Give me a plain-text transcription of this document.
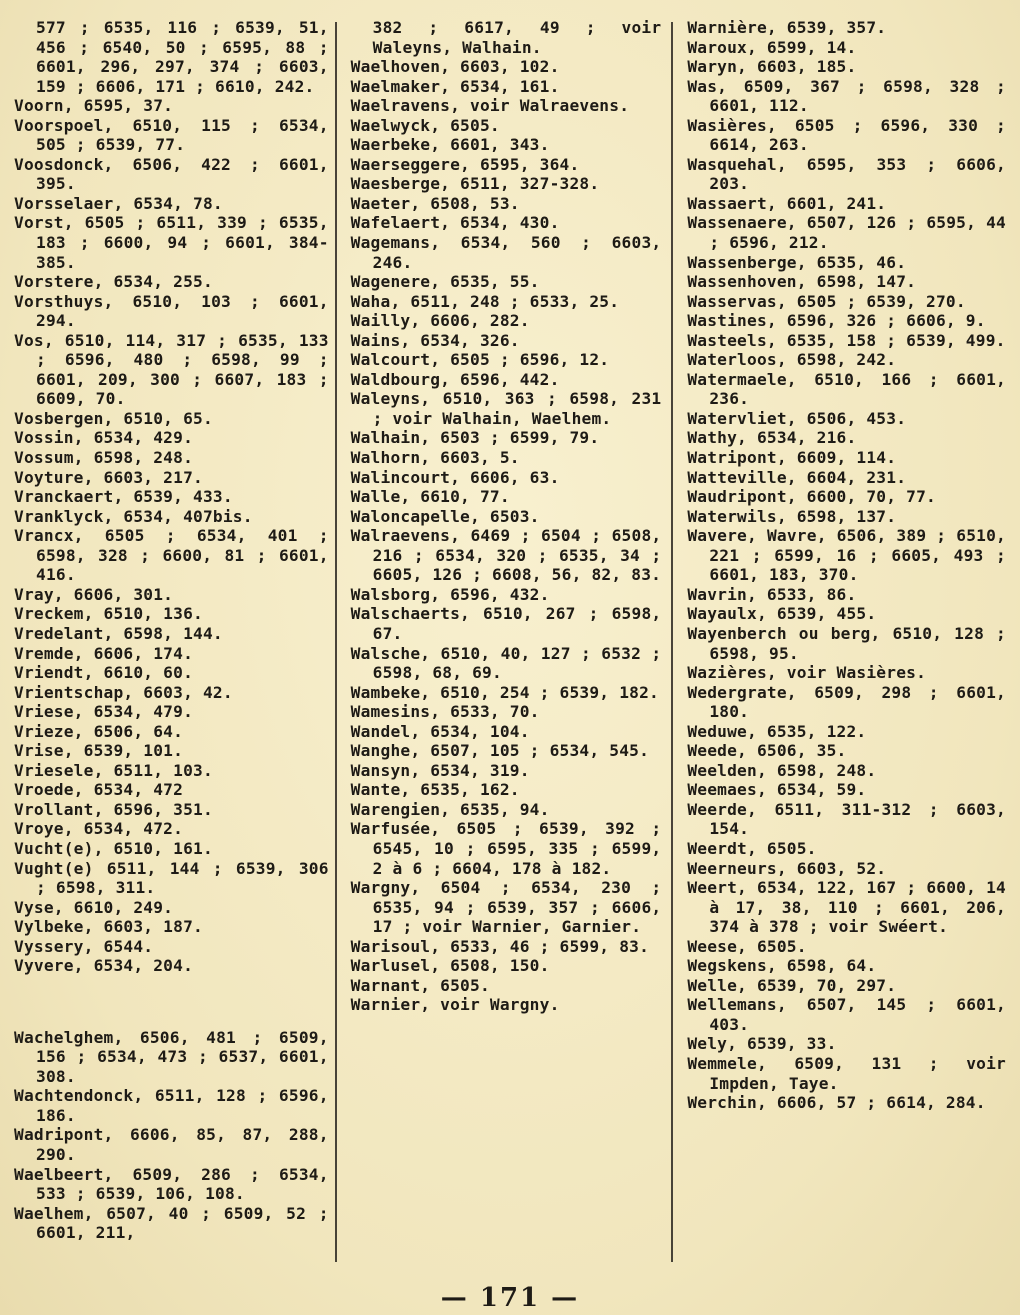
577 ; 6535, 116 ; 6539, 51, 456 ; 6540, 50 ; 6595, 88 ; 6601, 296, 297, 374 ; 6603, 159 ; 6606, 171 ; 6610, 242.

Voorn, 6595, 37.

Voorspoel, 6510, 115 ; 6534, 505 ; 6539, 77.

Voosdonck, 6506, 422 ; 6601, 395.

Vorsselaer, 6534, 78.

Vorst, 6505 ; 6511, 339 ; 6535, 183 ; 6600, 94 ; 6601, 384-385.

Vorstere, 6534, 255.

Vorsthuys, 6510, 103 ; 6601, 294.

Vos, 6510, 114, 317 ; 6535, 133 ; 6596, 480 ; 6598, 99 ; 6601, 209, 300 ; 6607, 183 ; 6609, 70.

Vosbergen, 6510, 65.

Vossin, 6534, 429.

Vossum, 6598, 248.

Voyture, 6603, 217.

Vranckaert, 6539, 433.

Vranklyck, 6534, 407bis.

Vrancx, 6505 ; 6534, 401 ; 6598, 328 ; 6600, 81 ; 6601, 416.

Vray, 6606, 301.

Vreckem, 6510, 136.

Vredelant, 6598, 144.

Vremde, 6606, 174.

Vriendt, 6610, 60.

Vrientschap, 6603, 42.

Vriese, 6534, 479.

Vrieze, 6506, 64.

Vrise, 6539, 101.

Vriesele, 6511, 103.

Vroede, 6534, 472

Vrollant, 6596, 351.

Vroye, 6534, 472.

Vucht(e), 6510, 161.

Vught(e) 6511, 144 ; 6539, 306 ; 6598, 311.

Vyse, 6610, 249.

Vylbeke, 6603, 187.

Vyssery, 6544.

Vyvere, 6534, 204.

Wachelghem, 6506, 481 ; 6509, 156 ; 6534, 473 ; 6537, 6601, 308.

Wachtendonck, 6511, 128 ; 6596, 186.

Wadripont, 6606, 85, 87, 288, 290.

Waelbeert, 6509, 286 ; 6534, 533 ; 6539, 106, 108.

Waelhem, 6507, 40 ; 6509, 52 ; 6601, 211,

382 ; 6617, 49 ; voir Waleyns, Walhain.

Waelhoven, 6603, 102.

Waelmaker, 6534, 161.

Waelravens, voir Walraevens.

Waelwyck, 6505.

Waerbeke, 6601, 343.

Waerseggere, 6595, 364.

Waesberge, 6511, 327-328.

Waeter, 6508, 53.

Wafelaert, 6534, 430.

Wagemans, 6534, 560 ; 6603, 246.

Wagenere, 6535, 55.

Waha, 6511, 248 ; 6533, 25.

Wailly, 6606, 282.

Wains, 6534, 326.

Walcourt, 6505 ; 6596, 12.

Waldbourg, 6596, 442.

Waleyns, 6510, 363 ; 6598, 231 ; voir Walhain, Waelhem.

Walhain, 6503 ; 6599, 79.

Walhorn, 6603, 5.

Walincourt, 6606, 63.

Walle, 6610, 77.

Waloncapelle, 6503.

Walraevens, 6469 ; 6504 ; 6508, 216 ; 6534, 320 ; 6535, 34 ; 6605, 126 ; 6608, 56, 82, 83.

Walsborg, 6596, 432.

Walschaerts, 6510, 267 ; 6598, 67.

Walsche, 6510, 40, 127 ; 6532 ; 6598, 68, 69.

Wambeke, 6510, 254 ; 6539, 182.

Wamesins, 6533, 70.

Wandel, 6534, 104.

Wanghe, 6507, 105 ; 6534, 545.

Wansyn, 6534, 319.

Wante, 6535, 162.

Warengien, 6535, 94.

Warfusée, 6505 ; 6539, 392 ; 6545, 10 ; 6595, 335 ; 6599, 2 à 6 ; 6604, 178 à 182.

Wargny, 6504 ; 6534, 230 ; 6535, 94 ; 6539, 357 ; 6606, 17 ; voir Warnier, Garnier.

Warisoul, 6533, 46 ; 6599, 83.

Warlusel, 6508, 150.

Warnant, 6505.

Warnier, voir Wargny.

Warnière, 6539, 357.

Waroux, 6599, 14.

Waryn, 6603, 185.

Was, 6509, 367 ; 6598, 328 ; 6601, 112.

Wasières, 6505 ; 6596, 330 ; 6614, 263.

Wasquehal, 6595, 353 ; 6606, 203.

Wassaert, 6601, 241.

Wassenaere, 6507, 126 ; 6595, 44 ; 6596, 212.

Wassenberge, 6535, 46.

Wassenhoven, 6598, 147.

Wasservas, 6505 ; 6539, 270.

Wastines, 6596, 326 ; 6606, 9.

Wasteels, 6535, 158 ; 6539, 499.

Waterloos, 6598, 242.

Watermaele, 6510, 166 ; 6601, 236.

Watervliet, 6506, 453.

Wathy, 6534, 216.

Watripont, 6609, 114.

Watteville, 6604, 231.

Waudripont, 6600, 70, 77.

Waterwils, 6598, 137.

Wavere, Wavre, 6506, 389 ; 6510, 221 ; 6599, 16 ; 6605, 493 ; 6601, 183, 370.

Wavrin, 6533, 86.

Wayaulx, 6539, 455.

Wayenberch ou berg, 6510, 128 ; 6598, 95.

Wazières, voir Wasières.

Wedergrate, 6509, 298 ; 6601, 180.

Weduwe, 6535, 122.

Weede, 6506, 35.

Weelden, 6598, 248.

Weemaes, 6534, 59.

Weerde, 6511, 311-312 ; 6603, 154.

Weerdt, 6505.

Weerneurs, 6603, 52.

Weert, 6534, 122, 167 ; 6600, 14 à 17, 38, 110 ; 6601, 206, 374 à 378 ; voir Swéert.

Weese, 6505.

Wegskens, 6598, 64.

Welle, 6539, 70, 297.

Wellemans, 6507, 145 ; 6601, 403.

Wely, 6539, 33.

Wemmele, 6509, 131 ; voir Impden, Taye.

Werchin, 6606, 57 ; 6614, 284.

— 171 —
